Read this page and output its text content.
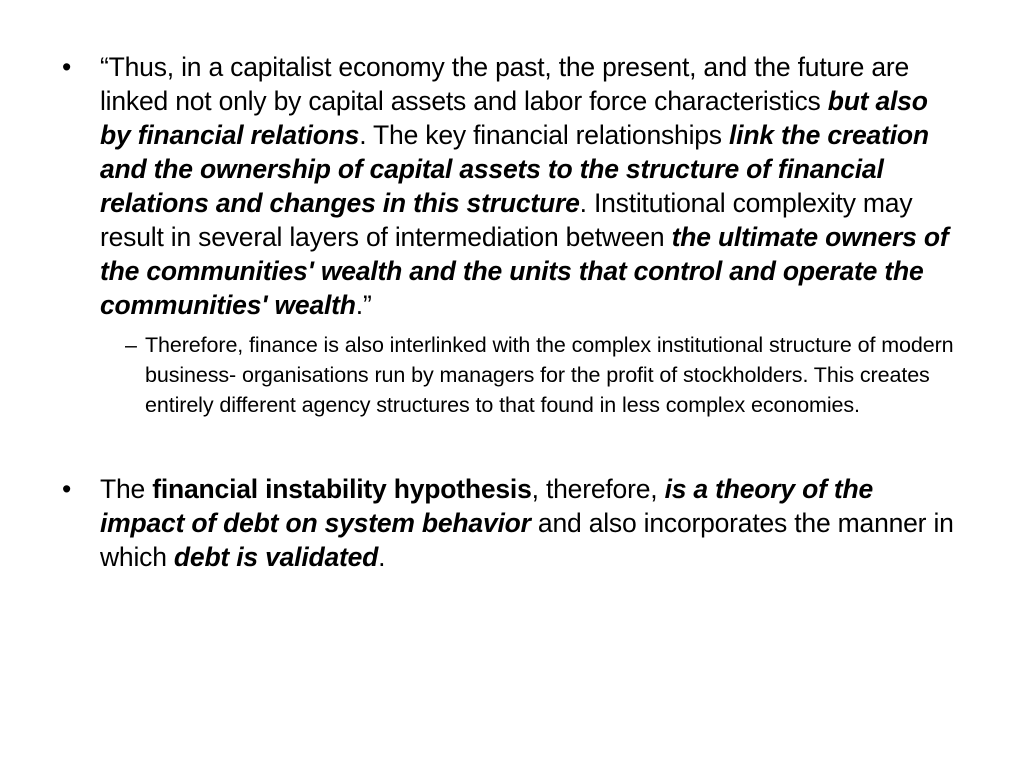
•	“Thus, in a capitalist economy the past, the present, and the future are linked not only by capital assets and labor force characteristics but also by financial relations. The key financial relationships link the creation and the ownership of capital assets to the structure of financial relations and changes in this structure. Institutional complexity may result in several layers of intermediation between the ultimate owners of the communities' wealth and the units that control and operate the communities' wealth.”
– Therefore, finance is also interlinked with the complex institutional structure of modern business- organisations run by managers for the profit of stockholders. This creates entirely different agency structures to that found in less complex economies.
•	The financial instability hypothesis, therefore, is a theory of the impact of debt on system behavior and also incorporates the manner in which debt is validated.
